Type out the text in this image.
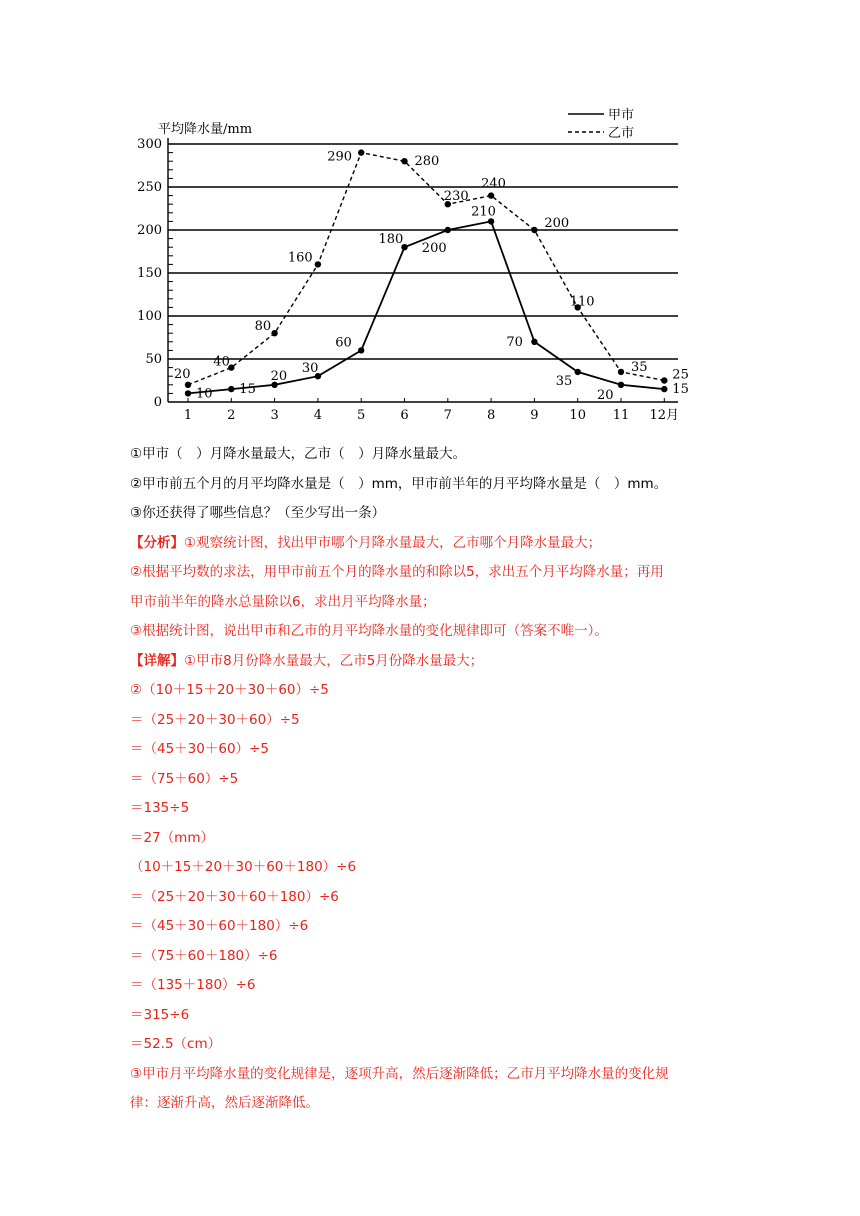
平均降水量/mm
甲市
乙市
0
50
100
150
200
250
300
1	2	3	4	5	6	7	8	9 10 11 12月
10 15
20
30
60
180
200
210
70
35
20	15
20
40
80
160
290	280
230
240
200
110
35
25
①甲市（　）月降水量最大，乙市（　）月降水量最大。
②甲市前五个月的月平均降水量是（　）mm，甲市前半年的月平均降水量是（　）mm。
③你还获得了哪些信息？（至少写出一条）
【分析】①观察统计图，找出甲市哪个月降水量最大，乙市哪个月降水量最大；
②根据平均数的求法，用甲市前五个月的降水量的和除以5，求出五个月平均降水量；再用
甲市前半年的降水总量除以6，求出月平均降水量；
③根据统计图，说出甲市和乙市的月平均降水量的变化规律即可（答案不唯一）。
【详解】①甲市8月份降水量最大，乙市5月份降水量最大；
②（10＋15＋20＋30＋60）÷5
＝（25＋20＋30＋60）÷5
＝（45＋30＋60）÷5
＝（75＋60）÷5
＝135÷5
＝27（mm）
（10＋15＋20＋30＋60＋180）÷6
＝（25＋20＋30＋60＋180）÷6
＝（45＋30＋60＋180）÷6
＝（75＋60＋180）÷6
＝（135＋180）÷6
＝315÷6
＝52.5（cm）
③甲市月平均降水量的变化规律是，逐项升高，然后逐渐降低；乙市月平均降水量的变化规
律：逐渐升高，然后逐渐降低。
